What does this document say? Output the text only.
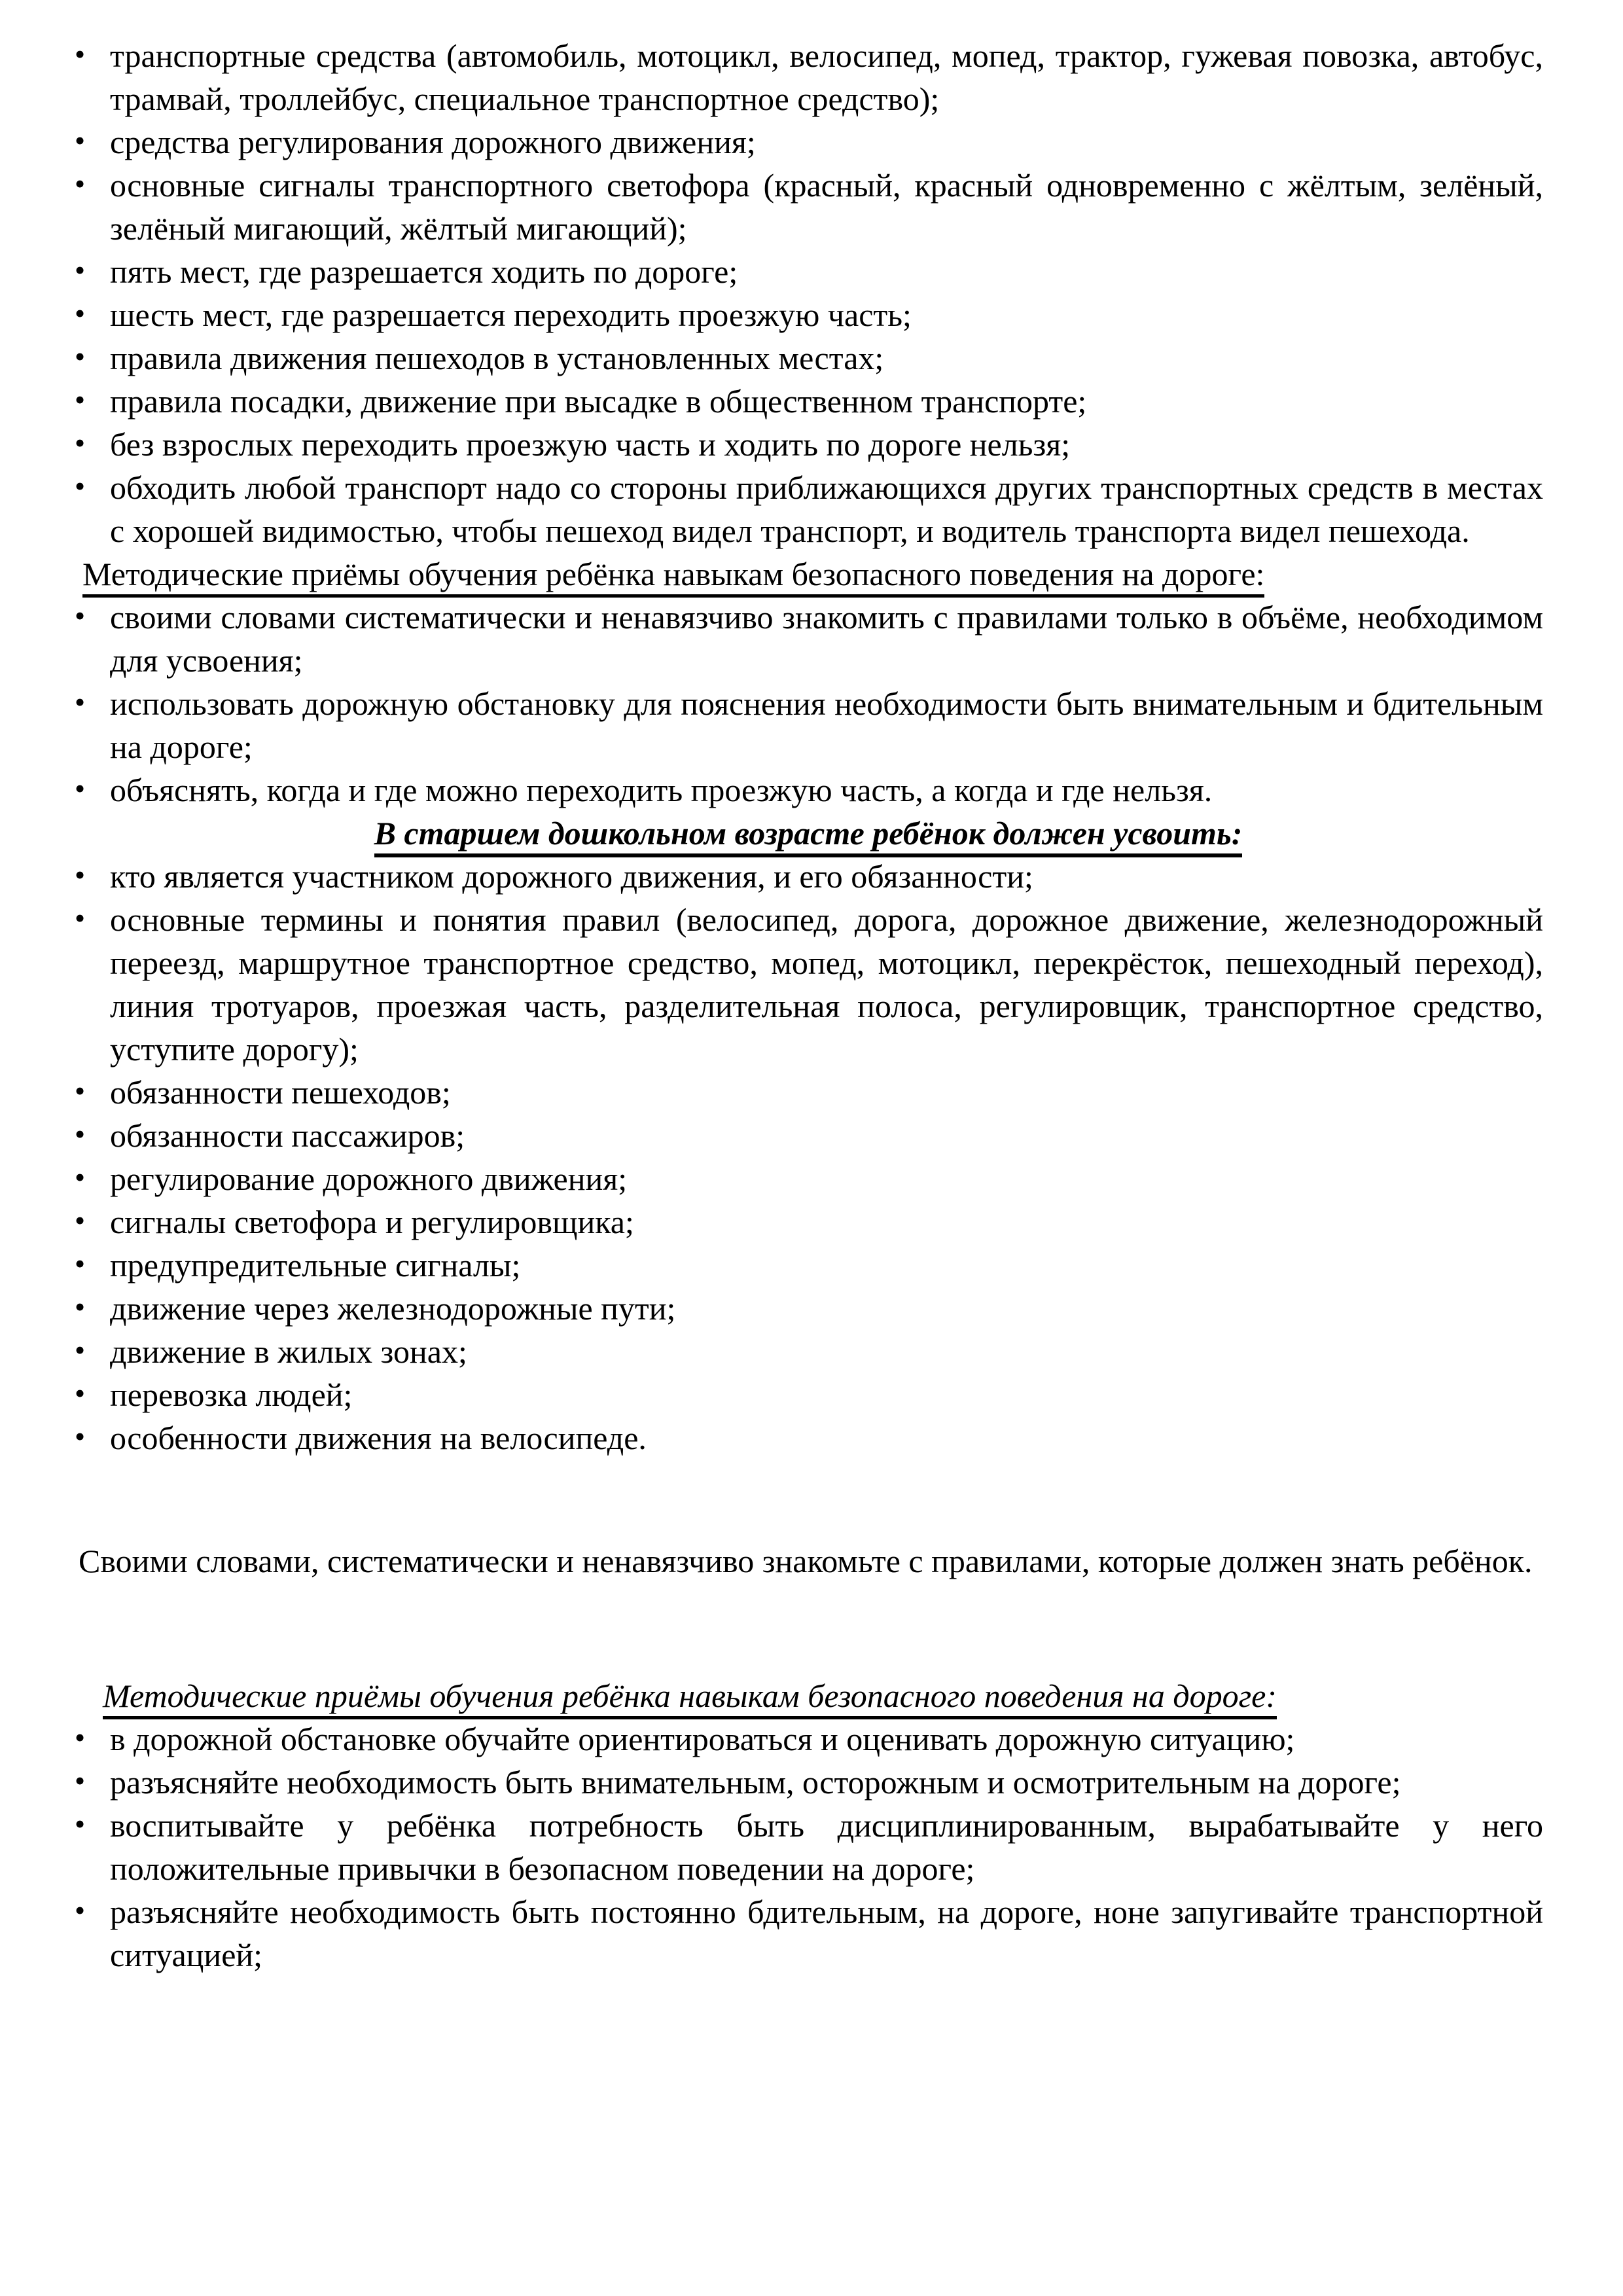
• транспортные средства (автомобиль, мотоцикл, велосипед, мопед, трактор, гужевая повозка, автобус, трамвай, троллейбус, специальное транспортное средство);
• средства регулирования дорожного движения;
• основные сигналы транспортного светофора (красный, красный одновременно с жёлтым, зелёный, зелёный мигающий, жёлтый мигающий);
• пять мест, где разрешается ходить по дороге;
• шесть мест, где разрешается переходить проезжую часть;
• правила движения пешеходов в установленных местах;
• правила посадки, движение при высадке в общественном транспорте;
• без взрослых переходить проезжую часть и ходить по дороге нельзя;
• обходить любой транспорт надо со стороны приближающихся других транспортных средств в местах с хорошей видимостью, чтобы пешеход видел транспорт, и водитель транспорта видел пешехода.

Методические приёмы обучения ребёнка навыкам безопасного поведения на дороге:

• своими словами систематически и ненавязчиво знакомить с правилами только в объёме, необходимом для усвоения;
• использовать дорожную обстановку для пояснения необходимости быть внимательным и бдительным на дороге;
• объяснять, когда и где можно переходить проезжую часть, а когда и где нельзя.

В старшем дошкольном возрасте ребёнок должен усвоить:

• кто является участником дорожного движения, и его обязанности;
• основные термины и понятия правил (велосипед, дорога, дорожное движение, железнодорожный переезд, маршрутное транспортное средство, мопед, мотоцикл, перекрёсток, пешеходный переход), линия тротуаров, проезжая часть, разделительная полоса, регулировщик, транспортное средство, уступите дорогу);
• обязанности пешеходов;
• обязанности пассажиров;
• регулирование дорожного движения;
• сигналы светофора и регулировщика;
• предупредительные сигналы;
• движение через железнодорожные пути;
• движение в жилых зонах;
• перевозка людей;
• особенности движения на велосипеде.

Своими словами, систематически и ненавязчиво знакомьте с правилами, которые должен знать ребёнок.

Методические приёмы обучения ребёнка навыкам безопасного поведения на дороге:

• в дорожной обстановке обучайте ориентироваться и оценивать дорожную ситуацию;
• разъясняйте необходимость быть внимательным, осторожным и осмотрительным на дороге;
• воспитывайте у ребёнка потребность быть дисциплинированным, вырабатывайте у него положительные привычки в безопасном поведении на дороге;
• разъясняйте необходимость быть постоянно бдительным, на дороге, ноне запугивайте транспортной ситуацией;
